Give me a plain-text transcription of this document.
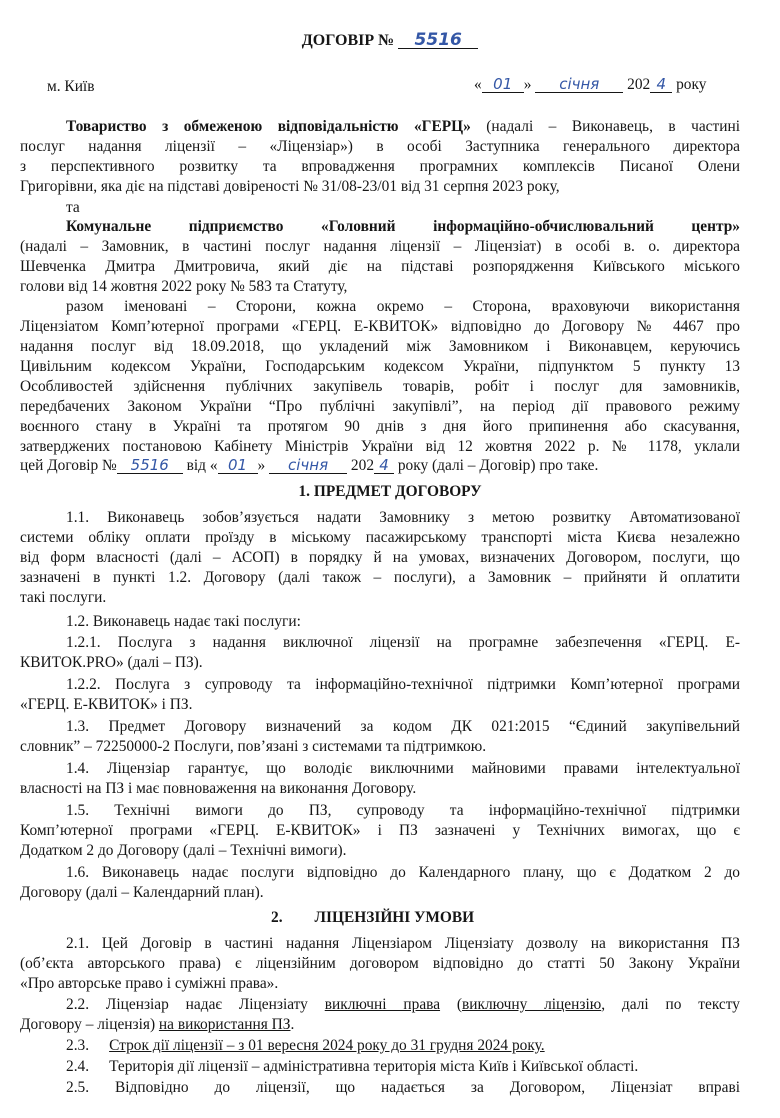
ДОГОВІР № 5516
м. Київ	« 01 » січня 202 4 року
Товариство з обмеженою відповідальністю «ГЕРЦ» (надалі – Виконавець, в частині
послуг надання ліцензії – «Ліцензіар») в особі Заступника генерального директора
з перспективного розвитку та впровадження програмних комплексів Писаної Олени
Григорівни, яка діє на підставі довіреності № 31/08-23/01 від 31 серпня 2023 року,
та
Комунальне підприємство «Головний інформаційно-обчислювальний центр»
(надалі – Замовник, в частині послуг надання ліцензії – Ліцензіат) в особі в. о. директора
Шевченка Дмитра Дмитровича, який діє на підставі розпорядження Київського міського
голови від 14 жовтня 2022 року № 583 та Статуту,
разом іменовані – Сторони, кожна окремо – Сторона, враховуючи використання
Ліцензіатом Комп’ютерної програми «ГЕРЦ. Е-КВИТОК» відповідно до Договору № 4467 про
надання послуг від 18.09.2018, що укладений між Замовником і Виконавцем, керуючись
Цивільним кодексом України, Господарським кодексом України, підпунктом 5 пункту 13
Особливостей здійснення публічних закупівель товарів, робіт і послуг для замовників,
передбачених Законом України “Про публічні закупівлі”, на період дії правового режиму
воєнного стану в Україні та протягом 90 днів з дня його припинення або скасування,
затверджених постановою Кабінету Міністрів України від 12 жовтня 2022 р. № 1178, уклали
цей Договір № 5516 від « 01 » січня 202 4 року (далі – Договір) про таке.
1. ПРЕДМЕТ ДОГОВОРУ
1.1. Виконавець зобов’язується надати Замовнику з метою розвитку Автоматизованої
системи обліку оплати проїзду в міському пасажирському транспорті міста Києва незалежно
від форм власності (далі – АСОП) в порядку й на умовах, визначених Договором, послуги, що
зазначені в пункті 1.2. Договору (далі також – послуги), а Замовник – прийняти й оплатити
такі послуги.
1.2. Виконавець надає такі послуги:
1.2.1. Послуга з надання виключної ліцензії на програмне забезпечення «ГЕРЦ. Е-
КВИТОК.PRO» (далі – ПЗ).
1.2.2. Послуга з супроводу та інформаційно-технічної підтримки Комп’ютерної програми
«ГЕРЦ. Е-КВИТОК» і ПЗ.
1.3. Предмет Договору визначений за кодом ДК 021:2015 “Єдиний закупівельний
словник” – 72250000-2 Послуги, пов’язані з системами та підтримкою.
1.4. Ліцензіар гарантує, що володіє виключними майновими правами інтелектуальної
власності на ПЗ і має повноваження на виконання Договору.
1.5. Технічні вимоги до ПЗ, супроводу та інформаційно-технічної підтримки
Комп’ютерної програми «ГЕРЦ. Е-КВИТОК» і ПЗ зазначені у Технічних вимогах, що є
Додатком 2 до Договору (далі – Технічні вимоги).
1.6. Виконавець надає послуги відповідно до Календарного плану, що є Додатком 2 до
Договору (далі – Календарний план).
2. ЛІЦЕНЗІЙНІ УМОВИ
2.1. Цей Договір в частині надання Ліцензіаром Ліцензіату дозволу на використання ПЗ
(об’єкта авторського права) є ліцензійним договором відповідно до статті 50 Закону України
«Про авторське право і суміжні права».
2.2. Ліцензіар надає Ліцензіату виключні права (виключну ліцензію, далі по тексту
Договору – ліцензія) на використання ПЗ.
2.3. Строк дії ліцензії – з 01 вересня 2024 року до 31 грудня 2024 року.
2.4. Територія дії ліцензії – адміністративна територія міста Київ і Київської області.
2.5. Відповідно до ліцензії, що надається за Договором, Ліцензіат вправі
